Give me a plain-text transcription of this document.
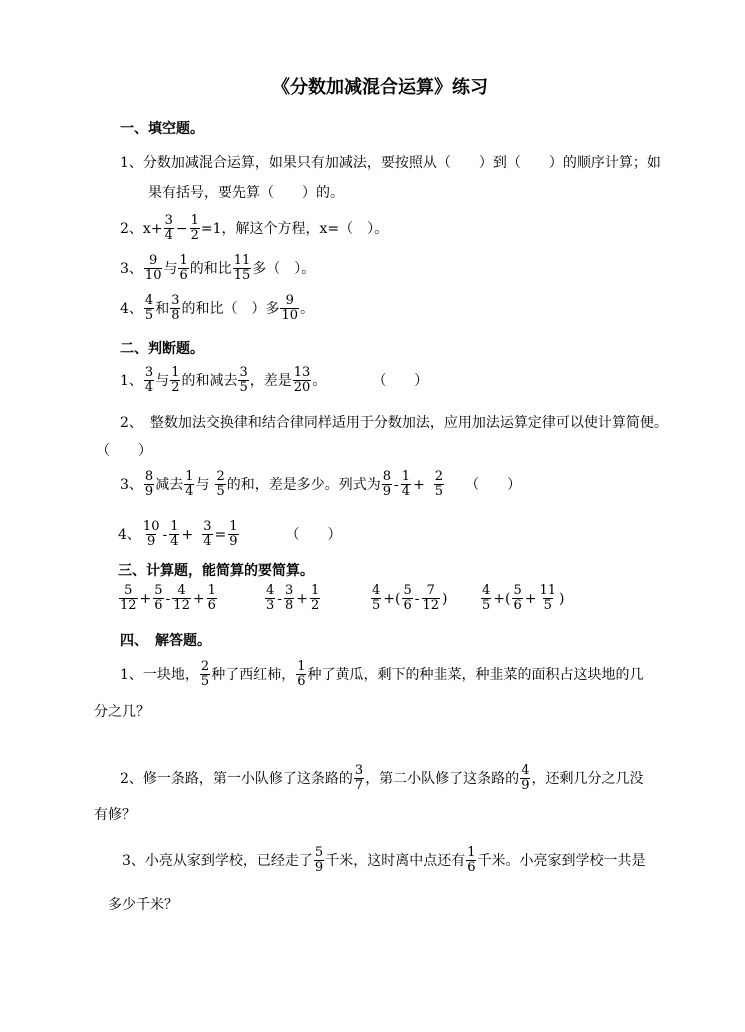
《分数加减混合运算》练习
一、填空题。
1、分数加减混合运算，如果只有加减法，要按照从（　　）到（　　）的顺序计算；如
果有括号，要先算（　　）的。
2、 $x+ \frac{3}{4} - \frac{1}{2} =1$，解这个方程，x=（　）。
3、 $\frac{9}{10}$ 与 $\frac{1}{6}$ 的和比 $\frac{11}{15}$ 多（　）。
4、 $\frac{4}{5}$ 和 $\frac{3}{8}$ 的和比（　）多 $\frac{9}{10}$ 。
二、判断题。
1、 $\frac{3}{4}$ 与 $\frac{1}{2}$ 的和减去 $\frac{3}{5}$ ，差是 $\frac{13}{20}$ 。	（　　）
2、　整数加法交换律和结合律同样适用于分数加法，应用加法运算定律可以使计算简便。
（　　）
3、 $\frac{8}{9}$ 减去 $\frac{1}{4}$ 与 $\frac{2}{5}$ 的和，差是多少。列式为 $\frac{8}{9} - \frac{1}{4} + \frac{2}{5}$ （　　）
4、 $\frac{10}{9} - \frac{1}{4} + \frac{3}{4} = \frac{1}{9}$	（　　）
三、计算题，能简算的要简算。
$\frac{5}{12} + \frac{5}{6} - \frac{4}{12} + \frac{1}{6}$	$\frac{4}{3} - \frac{3}{8} + \frac{1}{2}$	$\frac{4}{5}$ +( $\frac{5}{6} - \frac{7}{12}$ )	$\frac{4}{5}$ +( $\frac{5}{6} + \frac{11}{5}$ )
四、　解答题。
1、一块地， $\frac{2}{5}$ 种了西红柿， $\frac{1}{6}$ 种了黄瓜，剩下的种韭菜，种韭菜的面积占这块地的几
分之几？
2、修一条路，第一小队修了这条路的 $\frac{3}{7}$ ，第二小队修了这条路的 $\frac{4}{9}$ ，还剩几分之几没
有修？
3、小亮从家到学校，已经走了 $\frac{5}{9}$ 千米，这时离中点还有 $\frac{1}{6}$ 千米。小亮家到学校一共是
多少千米？
